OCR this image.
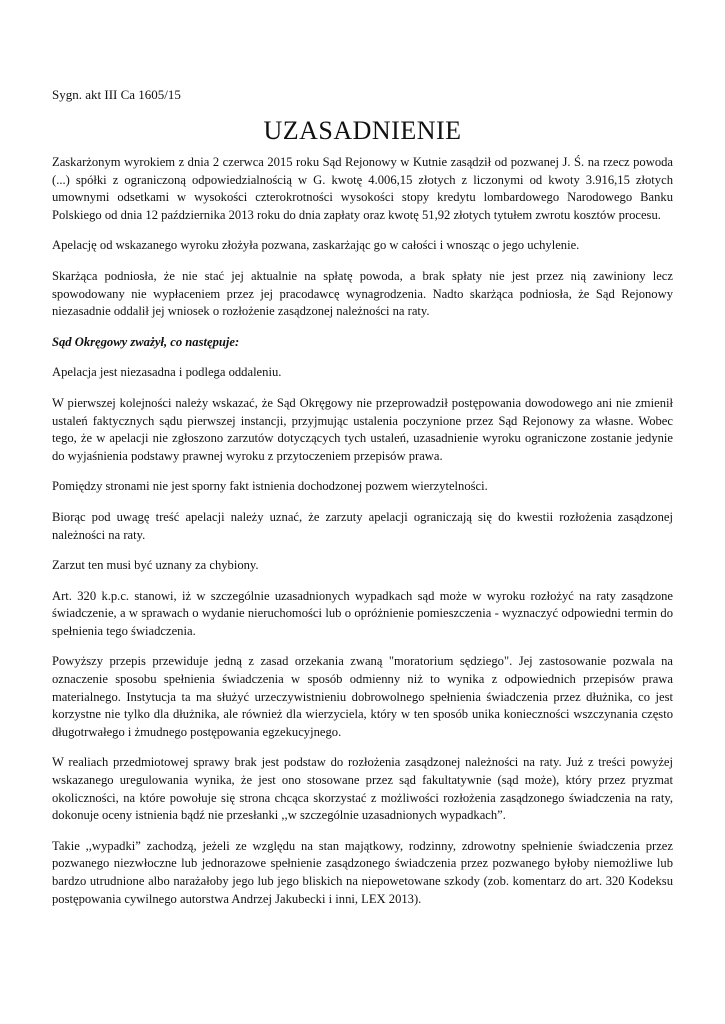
Sygn. akt III Ca 1605/15
UZASADNIENIE

Zaskarżonym wyrokiem z dnia 2 czerwca 2015 roku Sąd Rejonowy w Kutnie zasądził od pozwanej J. Ś. na rzecz powoda (...) spółki z ograniczoną odpowiedzialnością w G. kwotę 4.006,15 złotych z liczonymi od kwoty 3.916,15 złotych umownymi odsetkami w wysokości czterokrotności wysokości stopy kredytu lombardowego Narodowego Banku Polskiego od dnia 12 października 2013 roku do dnia zapłaty oraz kwotę 51,92 złotych tytułem zwrotu kosztów procesu.

Apelację od wskazanego wyroku złożyła pozwana, zaskarżając go w całości i wnosząc o jego uchylenie.

Skarżąca podniosła, że nie stać jej aktualnie na spłatę powoda, a brak spłaty nie jest przez nią zawiniony lecz spowodowany nie wypłaceniem przez jej pracodawcę wynagrodzenia. Nadto skarżąca podniosła, że Sąd Rejonowy niezasadnie oddalił jej wniosek o rozłożenie zasądzonej należności na raty.

Sąd Okręgowy zważył, co następuje:

Apelacja jest niezasadna i podlega oddaleniu.

W pierwszej kolejności należy wskazać, że Sąd Okręgowy nie przeprowadził postępowania dowodowego ani nie zmienił ustaleń faktycznych sądu pierwszej instancji, przyjmując ustalenia poczynione przez Sąd Rejonowy za własne. Wobec tego, że w apelacji nie zgłoszono zarzutów dotyczących tych ustaleń, uzasadnienie wyroku ograniczone zostanie jedynie do wyjaśnienia podstawy prawnej wyroku z przytoczeniem przepisów prawa.

Pomiędzy stronami nie jest sporny fakt istnienia dochodzonej pozwem wierzytelności.

Biorąc pod uwagę treść apelacji należy uznać, że zarzuty apelacji ograniczają się do kwestii rozłożenia zasądzonej należności na raty.

Zarzut ten musi być uznany za chybiony.

Art. 320 k.p.c. stanowi, iż w szczególnie uzasadnionych wypadkach sąd może w wyroku rozłożyć na raty zasądzone świadczenie, a w sprawach o wydanie nieruchomości lub o opróżnienie pomieszczenia - wyznaczyć odpowiedni termin do spełnienia tego świadczenia.

Powyższy przepis przewiduje jedną z zasad orzekania zwaną "moratorium sędziego". Jej zastosowanie pozwala na oznaczenie sposobu spełnienia świadczenia w sposób odmienny niż to wynika z odpowiednich przepisów prawa materialnego. Instytucja ta ma służyć urzeczywistnieniu dobrowolnego spełnienia świadczenia przez dłużnika, co jest korzystne nie tylko dla dłużnika, ale również dla wierzyciela, który w ten sposób unika konieczności wszczynania często długotrwałego i żmudnego postępowania egzekucyjnego.

W realiach przedmiotowej sprawy brak jest podstaw do rozłożenia zasądzonej należności na raty. Już z treści powyżej wskazanego uregulowania wynika, że jest ono stosowane przez sąd fakultatywnie (sąd może), który przez pryzmat okoliczności, na które powołuje się strona chcąca skorzystać z możliwości rozłożenia zasądzonego świadczenia na raty, dokonuje oceny istnienia bądź nie przesłanki ,,w szczególnie uzasadnionych wypadkach”.

Takie ,,wypadki” zachodzą, jeżeli ze względu na stan majątkowy, rodzinny, zdrowotny spełnienie świadczenia przez pozwanego niezwłoczne lub jednorazowe spełnienie zasądzonego świadczenia przez pozwanego byłoby niemożliwe lub bardzo utrudnione albo narażałoby jego lub jego bliskich na niepowetowane szkody (zob. komentarz do art. 320 Kodeksu postępowania cywilnego autorstwa Andrzej Jakubecki i inni, LEX 2013).
